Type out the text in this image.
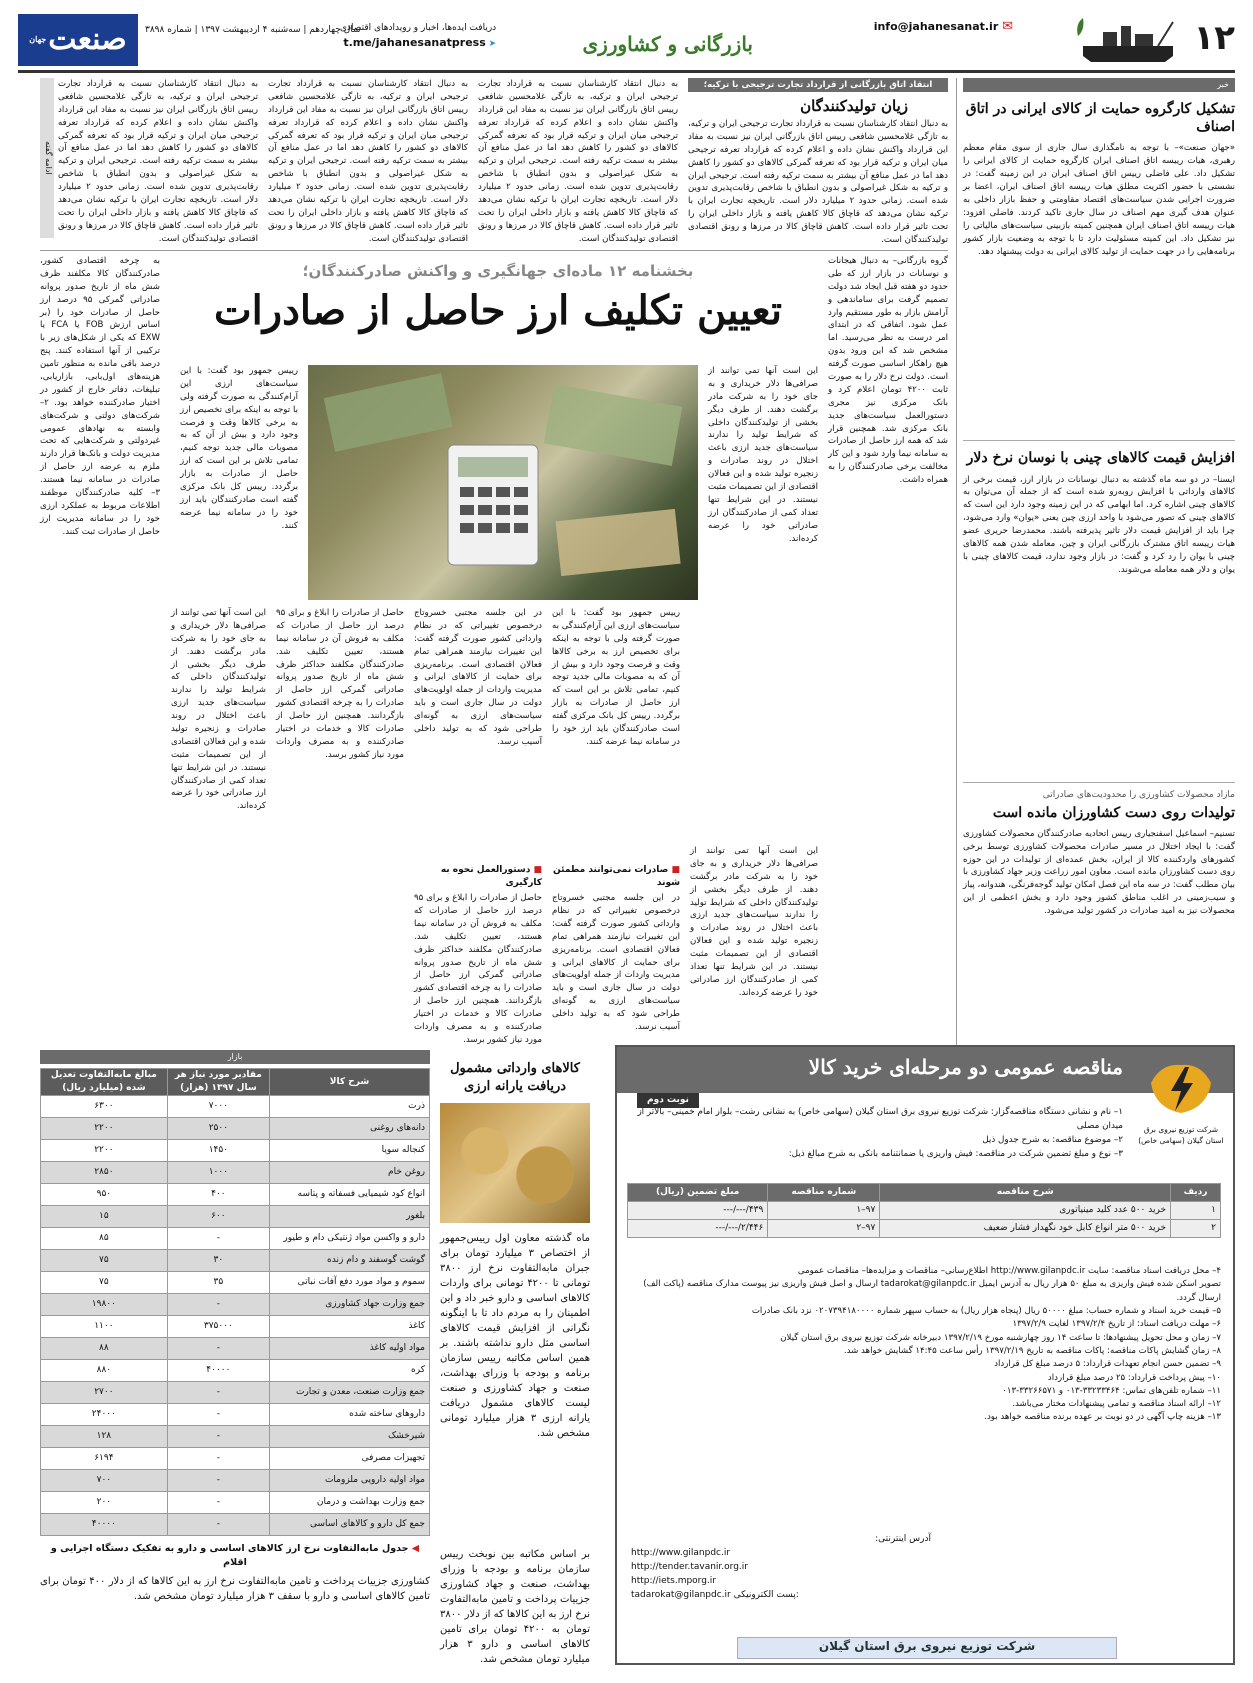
۱۲
✉ info@jahanesanat.ir
بازرگانی و کشاورزی
دریافت ایده‌ها، اخبار و رویدادهای اقتصادی
➤ t.me/jahanesanatpress
سال چهاردهم | سه‌شنبه ۴ اردیبهشت ۱۳۹۷ | شماره ۳۸۹۸
صنعت
جهان
خبر
تشکیل کارگروه حمایت از کالای ایرانی در اتاق اصناف
«جهان صنعت»– با توجه به نامگذاری سال جاری از سوی مقام معظم رهبری، هیات رییسه اتاق اصناف ایران کارگروه حمایت از کالای ایرانی را تشکیل داد. علی فاضلی رییس اتاق اصناف ایران در این زمینه گفت: در نشستی با حضور اکثریت مطلق هیات رییسه اتاق اصناف ایران، اعضا بر ضرورت اجرایی شدن سیاست‌های اقتصاد مقاومتی و حفظ بازار داخلی به عنوان هدف گیری مهم اصناف در سال جاری تاکید کردند. فاضلی افزود: هیات رییسه اتاق اصناف ایران همچنین کمیته بازبینی سیاست‌های مالیاتی را نیز تشکیل داد. این کمیته مسئولیت دارد تا با توجه به وضعیت بازار کشور برنامه‌هایی را در جهت حمایت از تولید کالای ایرانی به دولت پیشنهاد دهد.
افزایش قیمت کالاهای چینی با نوسان نرخ دلار
ایسنا– در دو سه ماه گذشته به دنبال نوسانات در بازار ارز، قیمت برخی از کالاهای وارداتی با افزایش روبه‌رو شده است که از جمله آن می‌توان به کالاهای چینی اشاره کرد. اما ابهامی که در این زمینه وجود دارد این است که کالاهای چینی که تصور می‌شود با واحد ارزی چین یعنی «یوان» وارد می‌شود، چرا باید از افزایش قیمت دلار تاثیر پذیرفته باشند. محمدرضا حریری عضو هیات رییسه اتاق مشترک بازرگانی ایران و چین، معامله شدن همه کالاهای چینی با یوان را رد کرد و گفت: در بازار وجود ندارد، قیمت کالاهای چینی با یوان و دلار همه معامله می‌شوند.
مازاد محصولات کشاورزی را محدودیت‌های صادراتی
تولیدات روی دست کشاورزان مانده است
تسنیم– اسماعیل اسفنجیاری رییس اتحادیه صادرکنندگان محصولات کشاورزی گفت: با ایجاد اختلال در مسیر صادرات محصولات کشاورزی توسط برخی کشورهای واردکننده کالا از ایران، بخش عمده‌ای از تولیدات در این حوزه روی دست کشاورزان مانده است. معاون امور زراعت وزیر جهاد کشاورزی با بیان مطلب گفت: در سه ماه این فصل امکان تولید گوجه‌فرنگی، هندوانه، پیاز و سیب‌زمینی در اغلب مناطق کشور وجود دارد و بخش اعظمی از این محصولات نیز به امید صادرات در کشور تولید می‌شود.
انتقاد اتاق بازرگانی از قرارداد تجارت ترجیحی با ترکیه؛
زیان تولیدکنندگان
به دنبال انتقاد کارشناسان نسبت به قرارداد تجارت ترجیحی ایران و ترکیه، به تازگی غلامحسین شافعی رییس اتاق بازرگانی ایران نیز نسبت به مفاد این قرارداد واکنش نشان داده و اعلام کرده که قرارداد تعرفه ترجیحی میان ایران و ترکیه قرار بود که تعرفه گمرکی کالاهای دو کشور را کاهش دهد اما در عمل منافع آن بیشتر به سمت ترکیه رفته است. ترجیحی ایران و ترکیه به شکل غیراصولی و بدون انطباق با شاخص رقابت‌پذیری تدوین شده است. زمانی حدود ۲ میلیارد دلار است. تاریخچه تجارت ایران با ترکیه نشان می‌دهد که قاچاق کالا کاهش یافته و بازار داخلی ایران را تحت تاثیر قرار داده است. کاهش قاچاق کالا در مرزها و رونق اقتصادی تولیدکنندگان است.
به دنبال انتقاد کارشناسان نسبت به قرارداد تجارت ترجیحی ایران و ترکیه، به تازگی غلامحسین شافعی رییس اتاق بازرگانی ایران نیز نسبت به مفاد این قرارداد واکنش نشان داده و اعلام کرده که قرارداد تعرفه ترجیحی میان ایران و ترکیه قرار بود که تعرفه گمرکی کالاهای دو کشور را کاهش دهد اما در عمل منافع آن بیشتر به سمت ترکیه رفته است. ترجیحی ایران و ترکیه به شکل غیراصولی و بدون انطباق با شاخص رقابت‌پذیری تدوین شده است. زمانی حدود ۲ میلیارد دلار است. تاریخچه تجارت ایران با ترکیه نشان می‌دهد که قاچاق کالا کاهش یافته و بازار داخلی ایران را تحت تاثیر قرار داده است. کاهش قاچاق کالا در مرزها و رونق اقتصادی تولیدکنندگان است.
به دنبال انتقاد کارشناسان نسبت به قرارداد تجارت ترجیحی ایران و ترکیه، به تازگی غلامحسین شافعی رییس اتاق بازرگانی ایران نیز نسبت به مفاد این قرارداد واکنش نشان داده و اعلام کرده که قرارداد تعرفه ترجیحی میان ایران و ترکیه قرار بود که تعرفه گمرکی کالاهای دو کشور را کاهش دهد اما در عمل منافع آن بیشتر به سمت ترکیه رفته است. ترجیحی ایران و ترکیه به شکل غیراصولی و بدون انطباق با شاخص رقابت‌پذیری تدوین شده است. زمانی حدود ۲ میلیارد دلار است. تاریخچه تجارت ایران با ترکیه نشان می‌دهد که قاچاق کالا کاهش یافته و بازار داخلی ایران را تحت تاثیر قرار داده است. کاهش قاچاق کالا در مرزها و رونق اقتصادی تولیدکنندگان است.
به دنبال انتقاد کارشناسان نسبت به قرارداد تجارت ترجیحی ایران و ترکیه، به تازگی غلامحسین شافعی رییس اتاق بازرگانی ایران نیز نسبت به مفاد این قرارداد واکنش نشان داده و اعلام کرده که قرارداد تعرفه ترجیحی میان ایران و ترکیه قرار بود که تعرفه گمرکی کالاهای دو کشور را کاهش دهد اما در عمل منافع آن بیشتر به سمت ترکیه رفته است. ترجیحی ایران و ترکیه به شکل غیراصولی و بدون انطباق با شاخص رقابت‌پذیری تدوین شده است. زمانی حدود ۲ میلیارد دلار است. تاریخچه تجارت ایران با ترکیه نشان می‌دهد که قاچاق کالا کاهش یافته و بازار داخلی ایران را تحت تاثیر قرار داده است. کاهش قاچاق کالا در مرزها و رونق اقتصادی تولیدکنندگان است.
ادامه گفته
گروه بازرگانی– به دنبال هیجانات و نوسانات در بازار ارز که طی حدود دو هفته قبل ایجاد شد دولت تصمیم گرفت برای ساماندهی و آرامش بازار به طور مستقیم وارد عمل شود. اتفاقی که در ابتدای امر درست به نظر می‌رسید. اما مشخص شد که این ورود بدون هیچ راهکار اساسی صورت گرفته است. دولت نرخ دلار را به صورت ثابت ۴۲۰۰ تومان اعلام کرد و بانک مرکزی نیز مجری دستورالعمل سیاست‌های جدید بانک مرکزی شد. همچنین قرار شد که همه ارز حاصل از صادرات به سامانه نیما وارد شود و این کار مخالفت برخی صادرکنندگان را به همراه داشت.
به چرخه اقتصادی کشور، صادرکنندگان کالا مکلفند ظرف شش ماه از تاریخ صدور پروانه صادراتی گمرکی ۹۵ درصد ارز حاصل از صادرات خود را (بر اساس ارزش FOB یا FCA یا EXW که یکی از شکل‌های زیر با ترکیبی از آنها استفاده کنند. پنج درصد باقی مانده به منظور تامین هزینه‌های اول‌بابی، بازاریابی، تبلیغات، دفاتر خارج از کشور در اختیار صادرکننده خواهد بود. ۲– شرکت‌های دولتی و شرکت‌های وابسته به نهادهای عمومی غیردولتی و شرکت‌هایی که تحت مدیریت دولت و بانک‌ها قرار دارند ملزم به عرضه ارز حاصل از صادرات در سامانه نیما هستند. ۳– کلیه صادرکنندگان موظفند اطلاعات مربوط به عملکرد ارزی خود را در سامانه مدیریت ارز حاصل از صادرات ثبت کنند.
بخشنامه ۱۲ ماده‌ای جهانگیری و واکنش صادرکنندگان؛
تعیین تکلیف ارز حاصل از صادرات
این است آنها تمی توانند از صرافی‌ها دلار خریداری و به جای خود را به شرکت مادر برگشت دهند. از طرف دیگر بخشی از تولیدکنندگان داخلی که شرایط تولید را ندارند سیاست‌های جدید ارزی باعث اختلال در روند صادرات و زنجیره تولید شده و این فعالان اقتصادی از این تصمیمات مثبت نیستند. در این شرایط تنها تعداد کمی از صادرکنندگان ارز صادراتی خود را عرضه کرده‌اند.
رییس جمهور بود گفت: با این سیاست‌های ارزی این آرام‌کنندگی به صورت گرفته ولی با توجه به اینکه برای تخصیص ارز به برخی کالاها وقت و فرصت وجود دارد و بیش از آن که به مصوبات مالی جدید توجه کنیم، تمامی تلاش بر این است که ارز حاصل از صادرات به بازار برگردد. رییس کل بانک مرکزی گفته است صادرکنندگان باید ارز خود را در سامانه نیما عرضه کنند.
این است آنها تمی توانند از صرافی‌ها دلار خریداری و به جای خود را به شرکت مادر برگشت دهند. از طرف دیگر بخشی از تولیدکنندگان داخلی که شرایط تولید را ندارند سیاست‌های جدید ارزی باعث اختلال در روند صادرات و زنجیره تولید شده و این فعالان اقتصادی از این تصمیمات مثبت نیستند. در این شرایط تنها تعداد کمی از صادرکنندگان ارز صادراتی خود را عرضه کرده‌اند.
رییس جمهور بود گفت: با این سیاست‌های ارزی این آرام‌کنندگی به صورت گرفته ولی با توجه به اینکه برای تخصیص ارز به برخی کالاها وقت و فرصت وجود دارد و بیش از آن که به مصوبات مالی جدید توجه کنیم، تمامی تلاش بر این است که ارز حاصل از صادرات به بازار برگردد. رییس کل بانک مرکزی گفته است صادرکنندگان باید ارز خود را در سامانه نیما عرضه کنند.
■ صادرات نمی‌توانند مطمئن شوند
در این جلسه مجتبی خسروتاج درخصوص تغییراتی که در نظام وارداتی کشور صورت گرفته گفت: این تغییرات نیازمند همراهی تمام فعالان اقتصادی است. برنامه‌ریزی برای حمایت از کالاهای ایرانی و مدیریت واردات از جمله اولویت‌های دولت در سال جاری است و باید سیاست‌های ارزی به گونه‌ای طراحی شود که به تولید داخلی آسیب نرسد.
در این جلسه مجتبی خسروتاج درخصوص تغییراتی که در نظام وارداتی کشور صورت گرفته گفت: این تغییرات نیازمند همراهی تمام فعالان اقتصادی است. برنامه‌ریزی برای حمایت از کالاهای ایرانی و مدیریت واردات از جمله اولویت‌های دولت در سال جاری است و باید سیاست‌های ارزی به گونه‌ای طراحی شود که به تولید داخلی آسیب نرسد.
■ دستورالعمل نحوه به کارگیری
حاصل از صادرات را ابلاغ و برای ۹۵ درصد ارز حاصل از صادرات که مکلف به فروش آن در سامانه نیما هستند، تعیین تکلیف شد. صادرکنندگان مکلفند حداکثر ظرف شش ماه از تاریخ صدور پروانه صادراتی گمرکی ارز حاصل از صادرات را به چرخه اقتصادی کشور بازگردانند. همچنین ارز حاصل از صادرات کالا و خدمات در اختیار صادرکننده و به مصرف واردات مورد نیاز کشور برسد.
حاصل از صادرات را ابلاغ و برای ۹۵ درصد ارز حاصل از صادرات که مکلف به فروش آن در سامانه نیما هستند، تعیین تکلیف شد. صادرکنندگان مکلفند حداکثر ظرف شش ماه از تاریخ صدور پروانه صادراتی گمرکی ارز حاصل از صادرات را به چرخه اقتصادی کشور بازگردانند. همچنین ارز حاصل از صادرات کالا و خدمات در اختیار صادرکننده و به مصرف واردات مورد نیاز کشور برسد.
این است آنها تمی توانند از صرافی‌ها دلار خریداری و به جای خود را به شرکت مادر برگشت دهند. از طرف دیگر بخشی از تولیدکنندگان داخلی که شرایط تولید را ندارند سیاست‌های جدید ارزی باعث اختلال در روند صادرات و زنجیره تولید شده و این فعالان اقتصادی از این تصمیمات مثبت نیستند. در این شرایط تنها تعداد کمی از صادرکنندگان ارز صادراتی خود را عرضه کرده‌اند.
مناقصه عمومی دو مرحله‌ای خرید کالا
نوبت دوم
شرکت توزیع نیروی برق استان گیلان (سهامی خاص)
۱– نام و نشانی دستگاه مناقصه‌گزار: شرکت توزیع نیروی برق استان گیلان (سهامی خاص) به نشانی رشت– بلوار امام خمینی– بالاتر از میدان مصلی
۲– موضوع مناقصه: به شرح جدول ذیل
۳– نوع و مبلغ تضمین شرکت در مناقصه: فیش واریزی یا ضمانتنامه بانکی به شرح مبالغ ذیل:
ردیف	شرح مناقصه	شماره مناقصه	مبلغ تضمین (ریال)
۱	خرید ۵۰۰ عدد کلید مینیاتوری	۹۷–۱	۴۳۹/---/---
۲	خرید ۵۰۰ متر انواع کابل خود نگهدار فشار ضعیف	۹۷–۲	۲/۴۴۶/---/---
۴– محل دریافت اسناد مناقصه: سایت http://www.gilanpdc.ir اطلاع‌رسانی– مناقصات و مزایده‌ها– مناقصات عمومی
تصویر اسکن شده فیش واریزی به مبلغ ۵۰ هزار ریال به آدرس ایمیل tadarokat@gilanpdc.ir ارسال و اصل فیش واریزی نیز پیوست مدارک مناقصه (پاکت الف) ارسال گردد.
۵– قیمت خرید اسناد و شماره حساب: مبلغ ۵۰۰۰۰ ریال (پنجاه هزار ریال) به حساب سپهر شماره ۰۲۰۷۳۹۴۱۸۰۰۰۰ نزد بانک صادرات
۶– مهلت دریافت اسناد: از تاریخ ۱۳۹۷/۲/۴ لغایت ۱۳۹۷/۲/۹
۷– زمان و محل تحویل پیشنهادها: تا ساعت ۱۴ روز چهارشنبه مورخ ۱۳۹۷/۲/۱۹ دبیرخانه شرکت توزیع نیروی برق استان گیلان
۸– زمان گشایش پاکات مناقصه: پاکات مناقصه به تاریخ ۱۳۹۷/۲/۱۹ رأس ساعت ۱۴:۴۵ گشایش خواهد شد.
۹– تضمین حسن انجام تعهدات قرارداد: ۵ درصد مبلغ کل قرارداد
۱۰– پیش پرداخت قرارداد: ۲۵ درصد مبلغ قرارداد
۱۱– شماره تلفن‌های تماس: ۳۳۲۳۳۴۶۴-۰۱۳ و ۳۳۲۶۶۵۷۱-۰۱۳
۱۲– ارائه اسناد مناقصه و تمامی پیشنهادات مختار می‌باشد.
۱۳– هزینه چاپ آگهی در دو نوبت بر عهده برنده مناقصه خواهد بود.
آدرس اینترنتی:
http://www.gilanpdc.ir
http://tender.tavanir.org.ir
http://iets.mporg.ir
tadarokat@gilanpdc.ir پست الکترونیکی:
شرکت توزیع نیروی برق استان گیلان
کالاهای وارداتی مشمول دریافت یارانه ارزی
ماه گذشته معاون اول رییس‌جمهور از اختصاص ۳ میلیارد تومان برای جبران مابه‌التفاوت نرخ ارز ۳۸۰۰ تومانی تا ۴۲۰۰ تومانی برای واردات کالاهای اساسی و دارو خبر داد و این اطمینان را به مردم داد تا با اینگونه نگرانی از افزایش قیمت کالاهای اساسی مثل دارو نداشته باشند. بر همین اساس مکاتبه رییس سازمان برنامه و بودجه با وزرای بهداشت، صنعت و جهاد کشاورزی و صنعت لیست کالاهای مشمول دریافت یارانه ارزی ۳ هزار میلیارد تومانی مشخص شد.
بر اساس مکاتبه بین نوبخت رییس سازمان برنامه و بودجه با وزرای بهداشت، صنعت و جهاد کشاورزی جزییات پرداخت و تامین مابه‌التفاوت نرخ ارز به این کالاها که از دلار ۳۸۰۰ تومان به ۴۲۰۰ تومان برای تامین کالاهای اساسی و دارو ۳ هزار میلیارد تومان مشخص شد.
بازار
شرح کالا	مقادیر مورد نیاز هر سال ۱۳۹۷ (هزار)	مبالغ مابه‌التفاوت تعدیل شده (میلیارد ریال)
ذرت	۷۰۰۰	۶۳۰۰
دانه‌های روغنی	۲۵۰۰	۲۲۰۰
کنجاله سویا	۱۴۵۰	۲۲۰۰
روغن خام	۱۰۰۰	۲۸۵۰
انواع کود شیمیایی فسفاته و پتاسه	۴۰۰	۹۵۰
بلغور	۶۰۰	۱۵
دارو و واکسن مواد ژنتیکی دام و طیور	-	۸۵
گوشت گوسفند و دام زنده	۳۰	۷۵
سموم و مواد مورد دفع آفات نباتی	۳۵	۷۵
جمع وزارت جهاد کشاورزی	-	۱۹۸۰۰
کاغذ	۳۷۵۰۰۰	۱۱۰۰
مواد اولیه کاغذ	-	۸۸
کره	۴۰۰۰۰	۸۸۰
جمع وزارت صنعت، معدن و تجارت	-	۲۷۰۰
داروهای ساخته شده	-	۲۴۰۰۰
شیرخشک	-	۱۲۸
تجهیزات مصرفی	-	۶۱۹۴
مواد اولیه دارویی ملزومات	-	۷۰۰
جمع وزارت بهداشت و درمان	-	۲۰۰
جمع کل دارو و کالاهای اساسی	-	۴۰۰۰۰
◀ جدول مابه‌التفاوت نرخ ارز کالاهای اساسی و دارو به تفکیک دستگاه اجرایی و اقلام
کشاورزی جزییات پرداخت و تامین مابه‌التفاوت نرخ ارز به این کالاها که از دلار ۴۰۰ تومان برای تامین کالاهای اساسی و دارو با سقف ۳ هزار میلیارد تومان مشخص شد.
